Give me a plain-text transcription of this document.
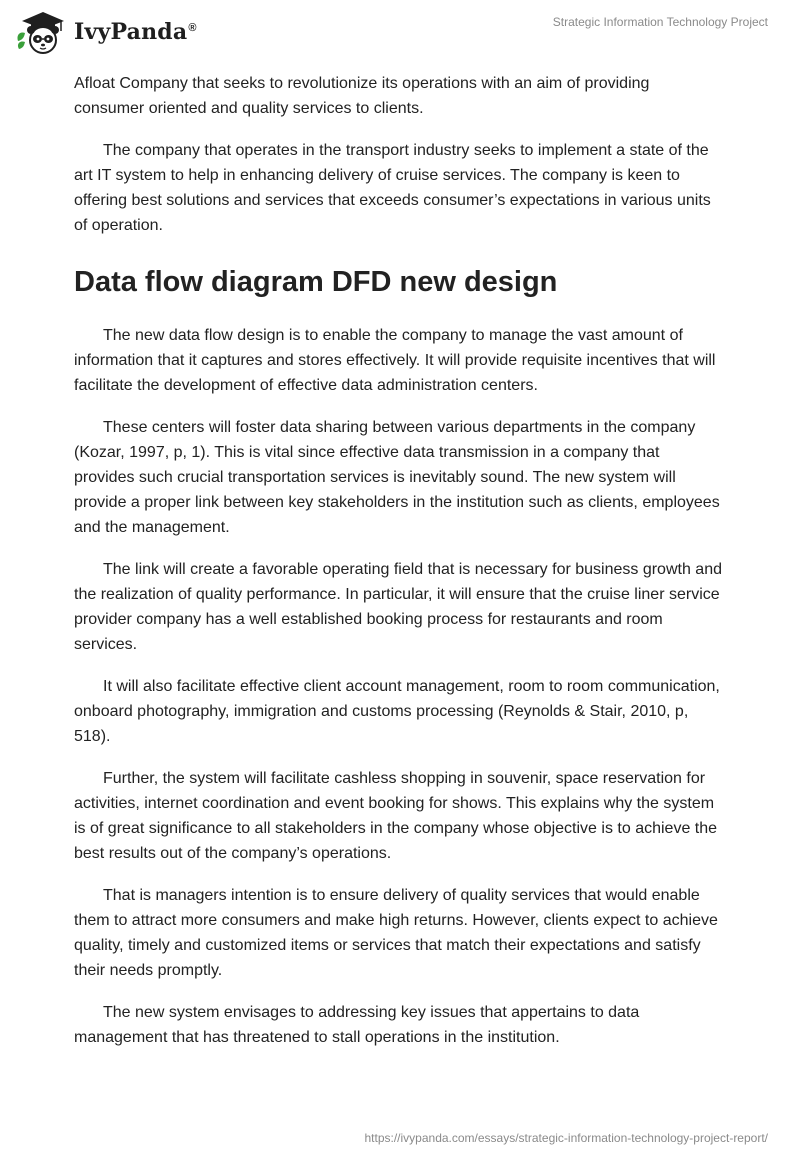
IvyPanda®	Strategic Information Technology Project

Afloat Company that seeks to revolutionize its operations with an aim of providing consumer oriented and quality services to clients.

The company that operates in the transport industry seeks to implement a state of the art IT system to help in enhancing delivery of cruise services. The company is keen to offering best solutions and services that exceeds consumer’s expectations in various units of operation.

Data flow diagram DFD new design

The new data flow design is to enable the company to manage the vast amount of information that it captures and stores effectively. It will provide requisite incentives that will facilitate the development of effective data administration centers.

These centers will foster data sharing between various departments in the company (Kozar, 1997, p, 1). This is vital since effective data transmission in a company that provides such crucial transportation services is inevitably sound. The new system will provide a proper link between key stakeholders in the institution such as clients, employees and the management.

The link will create a favorable operating field that is necessary for business growth and the realization of quality performance. In particular, it will ensure that the cruise liner service provider company has a well established booking process for restaurants and room services.

It will also facilitate effective client account management, room to room communication, onboard photography, immigration and customs processing (Reynolds & Stair, 2010, p, 518).

Further, the system will facilitate cashless shopping in souvenir, space reservation for activities, internet coordination and event booking for shows. This explains why the system is of great significance to all stakeholders in the company whose objective is to achieve the best results out of the company’s operations.

That is managers intention is to ensure delivery of quality services that would enable them to attract more consumers and make high returns. However, clients expect to achieve quality, timely and customized items or services that match their expectations and satisfy their needs promptly.

The new system envisages to addressing key issues that appertains to data management that has threatened to stall operations in the institution.

https://ivypanda.com/essays/strategic-information-technology-project-report/
